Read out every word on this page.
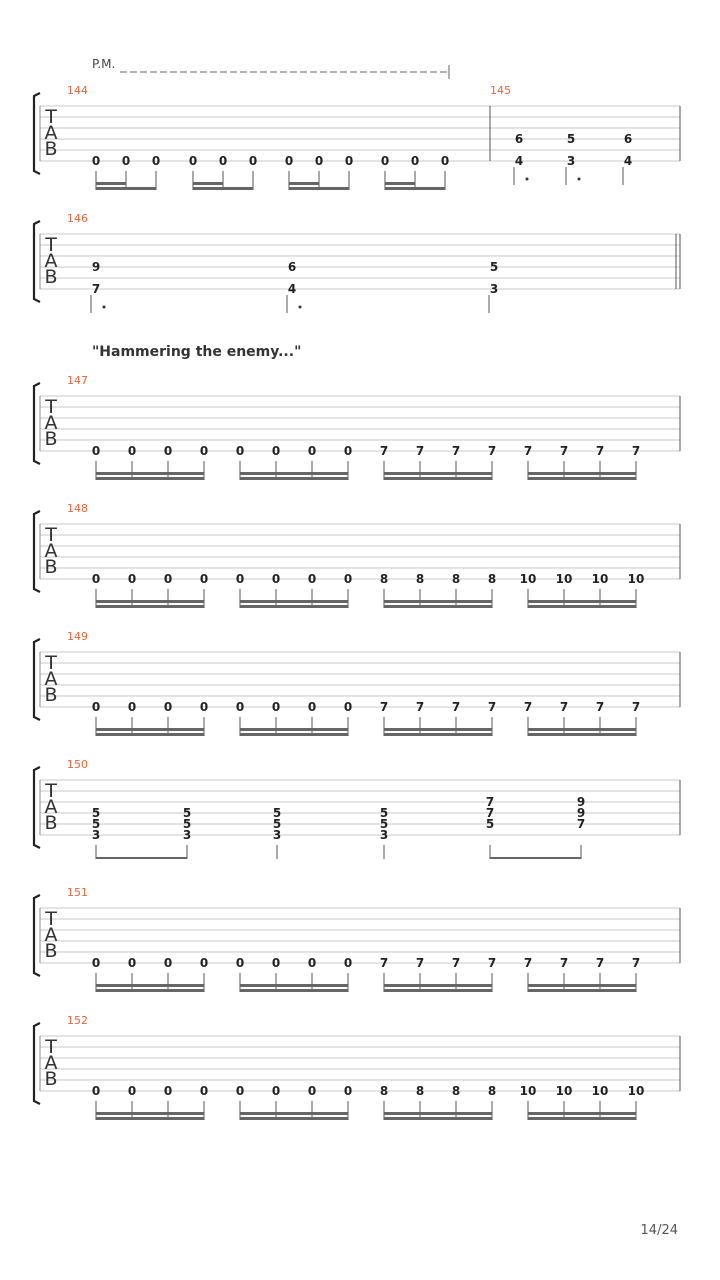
P.M.
"Hammering the enemy..."
T
A
B
144
0 0 0 0 0 0 0 0 0 0 0 0
145
6
4
5
3
6
4
T
A
B
146
9
7
6
4
5
3
T
A
B
147
0 0 0 0 0 0 0 0 7 7 7 7 7 7 7 7
T
A
B
148
0 0 0 0 0 0 0 0 8 8 8 8 10 10 10 10
T
A
B
149
0 0 0 0 0 0 0 0 7 7 7 7 7 7 7 7
T
A
B
150
5
5
3
5
5
3
5
5
3
5
5
3
7
7
5
9
9
7
T
A
B
151
0 0 0 0 0 0 0 0 7 7 7 7 7 7 7 7
T
A
B
152
0 0 0 0 0 0 0 0 8 8 8 8 10 10 10 10
14/24
